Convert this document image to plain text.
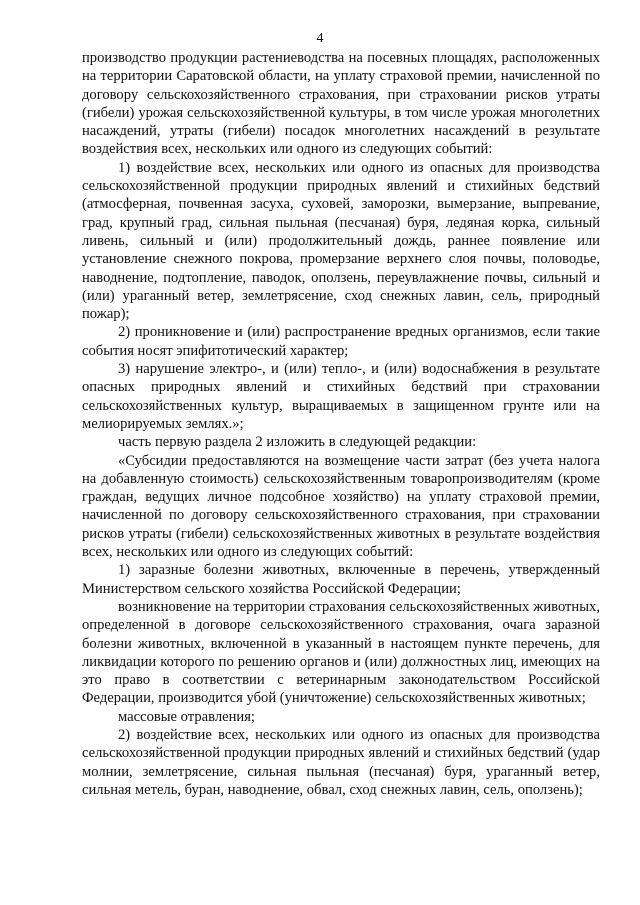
4

производство продукции растениеводства на посевных площадях, расположенных на территории Саратовской области, на уплату страховой премии, начисленной по договору сельскохозяйственного страхования, при страховании рисков утраты (гибели) урожая сельскохозяйственной культуры, в том числе урожая многолетних насаждений, утраты (гибели) посадок многолетних насаждений в результате воздействия всех, нескольких или одного из следующих событий:

1) воздействие всех, нескольких или одного из опасных для производства сельскохозяйственной продукции природных явлений и стихийных бедствий (атмосферная, почвенная засуха, суховей, заморозки, вымерзание, выпревание, град, крупный град, сильная пыльная (песчаная) буря, ледяная корка, сильный ливень, сильный и (или) продолжительный дождь, раннее появление или установление снежного покрова, промерзание верхнего слоя почвы, половодье, наводнение, подтопление, паводок, оползень, переувлажнение почвы, сильный и (или) ураганный ветер, землетрясение, сход снежных лавин, сель, природный пожар);

2) проникновение и (или) распространение вредных организмов, если такие события носят эпифитотический характер;

3) нарушение электро-, и (или) тепло-, и (или) водоснабжения в результате опасных природных явлений и стихийных бедствий при страховании сельскохозяйственных культур, выращиваемых в защищенном грунте или на мелиорируемых землях.»;

часть первую раздела 2 изложить в следующей редакции:

«Субсидии предоставляются на возмещение части затрат (без учета налога на добавленную стоимость) сельскохозяйственным товаропроизводителям (кроме граждан, ведущих личное подсобное хозяйство) на уплату страховой премии, начисленной по договору сельскохозяйственного страхования, при страховании рисков утраты (гибели) сельскохозяйственных животных в результате воздействия всех, нескольких или одного из следующих событий:

1) заразные болезни животных, включенные в перечень, утвержденный Министерством сельского хозяйства Российской Федерации;

возникновение на территории страхования сельскохозяйственных животных, определенной в договоре сельскохозяйственного страхования, очага заразной болезни животных, включенной в указанный в настоящем пункте перечень, для ликвидации которого по решению органов и (или) должностных лиц, имеющих на это право в соответствии с ветеринарным законодательством Российской Федерации, производится убой (уничтожение) сельскохозяйственных животных;

массовые отравления;

2) воздействие всех, нескольких или одного из опасных для производства сельскохозяйственной продукции природных явлений и стихийных бедствий (удар молнии, землетрясение, сильная пыльная (песчаная) буря, ураганный ветер, сильная метель, буран, наводнение, обвал, сход снежных лавин, сель, оползень);
